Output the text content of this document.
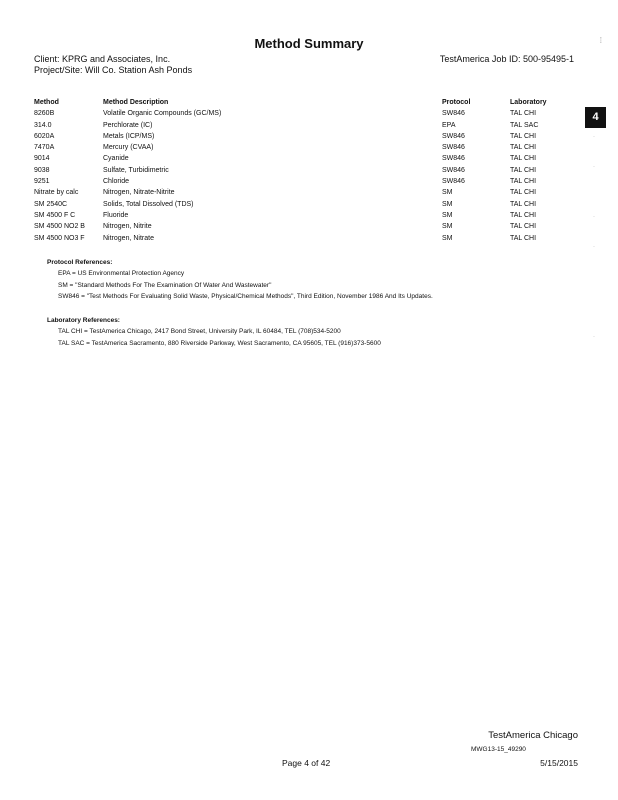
Method Summary
Client: KPRG and Associates, Inc.
Project/Site: Will Co. Station Ash Ponds
TestAmerica Job ID: 500-95495-1
⁞
4
·
·
·
·
·
Method	Method Description	Protocol	Laboratory
8260B	Volatile Organic Compounds (GC/MS)	SW846	TAL CHI
314.0	Perchlorate (IC)	EPA	TAL SAC
6020A	Metals (ICP/MS)	SW846	TAL CHI
7470A	Mercury (CVAA)	SW846	TAL CHI
9014	Cyanide	SW846	TAL CHI
9038	Sulfate, Turbidimetric	SW846	TAL CHI
9251	Chloride	SW846	TAL CHI
Nitrate by calc	Nitrogen, Nitrate-Nitrite	SM	TAL CHI
SM 2540C	Solids, Total Dissolved (TDS)	SM	TAL CHI
SM 4500 F C	Fluoride	SM	TAL CHI
SM 4500 NO2 B	Nitrogen, Nitrite	SM	TAL CHI
SM 4500 NO3 F	Nitrogen, Nitrate	SM	TAL CHI
Protocol References:
EPA = US Environmental Protection Agency
SM = "Standard Methods For The Examination Of Water And Wastewater"
SW846 = "Test Methods For Evaluating Solid Waste, Physical/Chemical Methods", Third Edition, November 1986 And Its Updates.
Laboratory References:
TAL CHI = TestAmerica Chicago, 2417 Bond Street, University Park, IL 60484, TEL (708)534-5200
TAL SAC = TestAmerica Sacramento, 880 Riverside Parkway, West Sacramento, CA 95605, TEL (916)373-5600
TestAmerica Chicago
MWG13-15_49290
Page 4 of 42	5/15/2015
